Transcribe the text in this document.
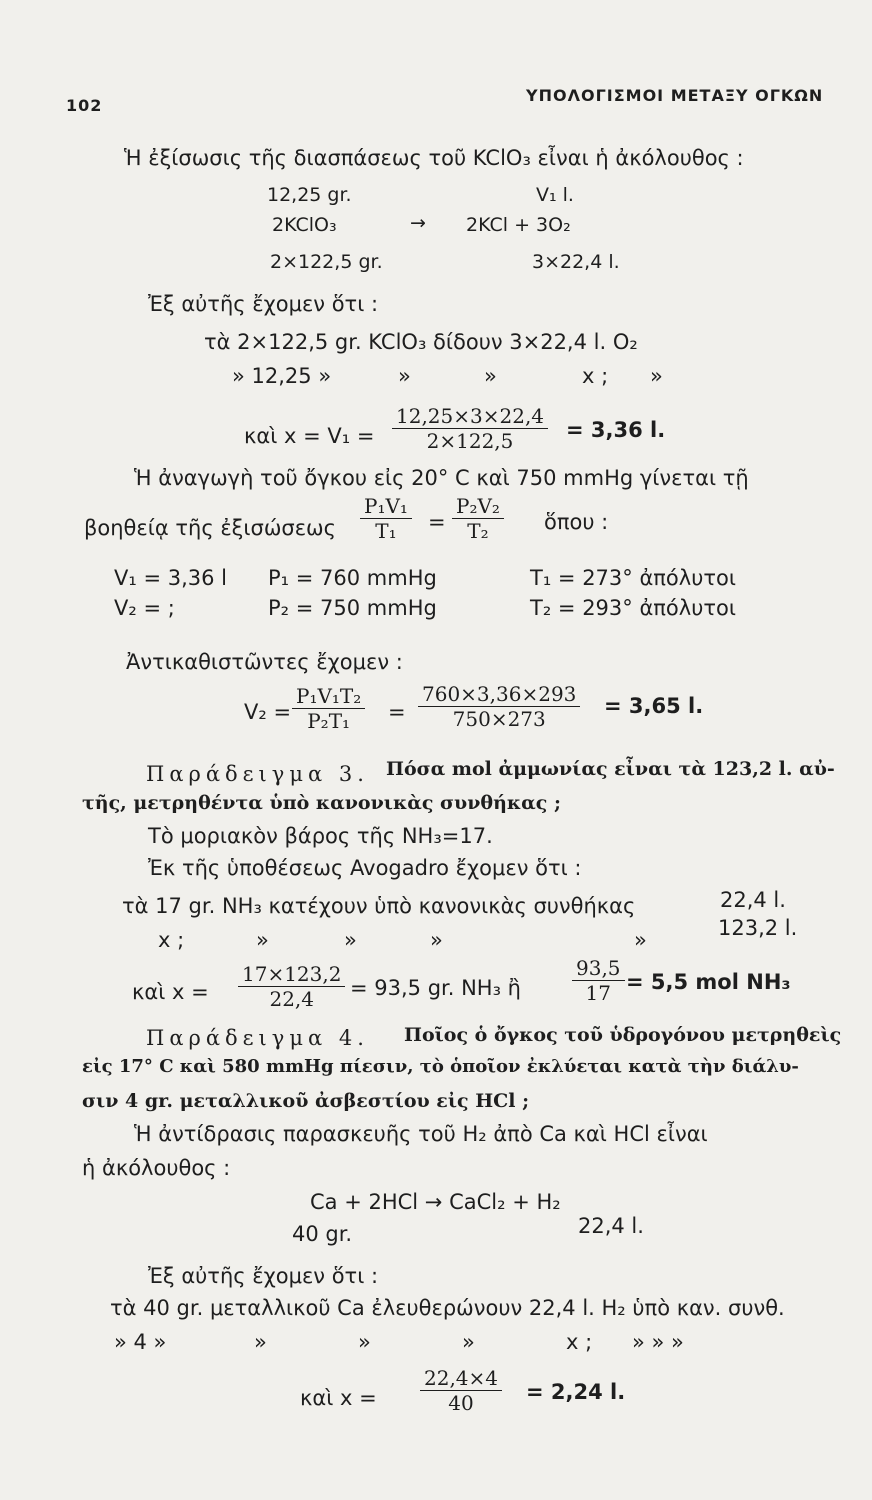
102
ΥΠΟΛΟΓΙΣΜΟΙ ΜΕΤΑΞΥ ΟΓΚΩΝ
Ἡ ἐξίσωσις τῆς διασπάσεως τοῦ KClO₃ εἶναι ἡ ἀκόλουθος :
12,25 gr.	V₁ l.
2KClO₃	→ 2KCl + 3O₂
2×122,5 gr.	3×22,4 l.
Ἐξ αὐτῆς ἔχομεν ὅτι :
τὰ 2×122,5 gr. KClO₃ δίδουν 3×22,4 l. O₂
» 12,25 »	»	»	x ; »
καὶ $x = V_1 = \frac{12,25\times 3\times 22,4}{2\times 122,5} = 3,36$ l.
Ἡ ἀναγωγὴ τοῦ ὄγκου εἰς 20° C καὶ 750 mmHg γίνεται τῇ
βοηθείᾳ τῆς ἐξισώσεως $\frac{\text{P₁V₁}}{\text{T₁}} = \frac{\text{P₂V₂}}{\text{T₂}}$ ὅπου :
V₁ = 3,36 l P₁ = 760 mmHg	T₁ = 273° ἀπόλυτοι
V₂ = ;	P₂ = 750 mmHg	T₂ = 293° ἀπόλυτοι
Ἀντικαθιστῶντες ἔχομεν :
$V_2 = \frac{\text{P₁V₁T₂}}{\text{P₂T₁}} = \frac{760\times 3,36\times 293}{750\times 273} = 3,65$ l.
Παράδειγμα 3. Πόσα mol ἀμμωνίας εἶναι τὰ 123,2 l. αὐ-
τῆς, μετρηθέντα ὑπὸ κανονικὰς συνθήκας ;
Τὸ μοριακὸν βάρος τῆς NH₃=17.
Ἐκ τῆς ὑποθέσεως Avogadro ἔχομεν ὅτι :
τὰ 17 gr. NH₃ κατέχουν ὑπὸ κανονικὰς συνθήκας	22,4 l.
x ;	»	»	»	»	123,2 l.
καὶ $x = \frac{17\times 123,2}{22,4} = 93,5$ gr. NH₃ ἢ	$\frac{93,5}{17} = 5,5$ mol NH₃
Παράδειγμα 4. Ποῖος ὁ ὄγκος τοῦ ὑδρογόνου μετρηθεὶς
εἰς 17° C καὶ 580 mmHg πίεσιν, τὸ ὁποῖον ἐκλύεται κατὰ τὴν διάλυ-
σιν 4 gr. μεταλλικοῦ ἀσβεστίου εἰς HCl ;
Ἡ ἀντίδρασις παρασκευῆς τοῦ H₂ ἀπὸ Ca καὶ HCl εἶναι
ἡ ἀκόλουθος :
Ca + 2HCl → CaCl₂ + H₂
40 gr.	22,4 l.
Ἐξ αὐτῆς ἔχομεν ὅτι :
τὰ 40 gr. μεταλλικοῦ Ca ἐλευθερώνουν 22,4 l. H₂ ὑπὸ καν. συνθ.
» 4 »	»	»	»	x ; » » »
καὶ $x = \frac{22,4\times 4}{40} = 2,24$ l.
